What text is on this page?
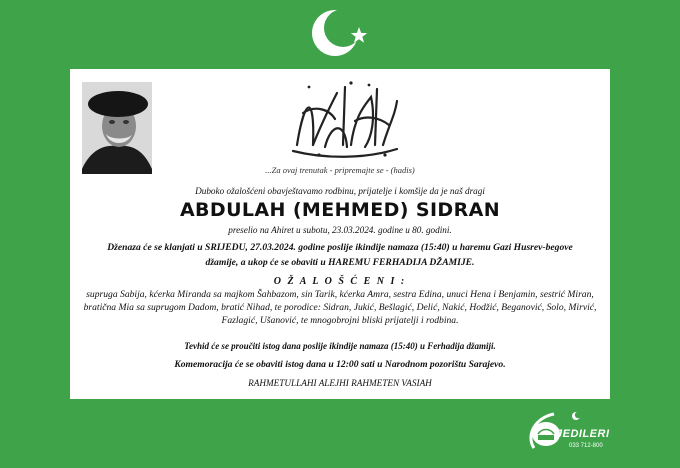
...Za ovaj trenutak - pripremajte se - (hadis)
Duboko ožalošćeni obavještavamo rodbinu, prijatelje i komšije da je naš dragi
ABDULAH (MEHMED) SIDRAN
preselio na Ahiret u subotu, 23.03.2024. godine u 80. godini.
Dženaza će se klanjati u SRIJEDU, 27.03.2024. godine poslije ikindije namaza (15:40) u haremu Gazi Husrev-begove džamije, a ukop će se obaviti u HAREMU FERHADIJA DŽAMIJE.
O Ž A L O Š Ć E N I :
supruga Sabija, kćerka Miranda sa majkom Šahbazom, sin Tarik, kćerka Amra, sestra Edina, unuci Hena i Benjamin, sestrić Miran, bratična Mia sa suprugom Dadom, bratić Nihad, te porodice: Sidran, Jukić, Bešlagić, Delić, Nakić, Hodžić, Beganović, Solo, Mirvić, Fazlagić, Ušanović, te mnogobrojni bliski prijatelji i rodbina.
Tevhid će se proučiti istog dana poslije ikindije namaza (15:40) u Ferhadija džamiji.
Komemoracija će se obaviti istog dana u 12:00 sati u Narodnom pozorištu Sarajevo.
RAHMETULLAHI ALEJHI RAHMETEN VASIAH
JEDILERI
033 712-800
